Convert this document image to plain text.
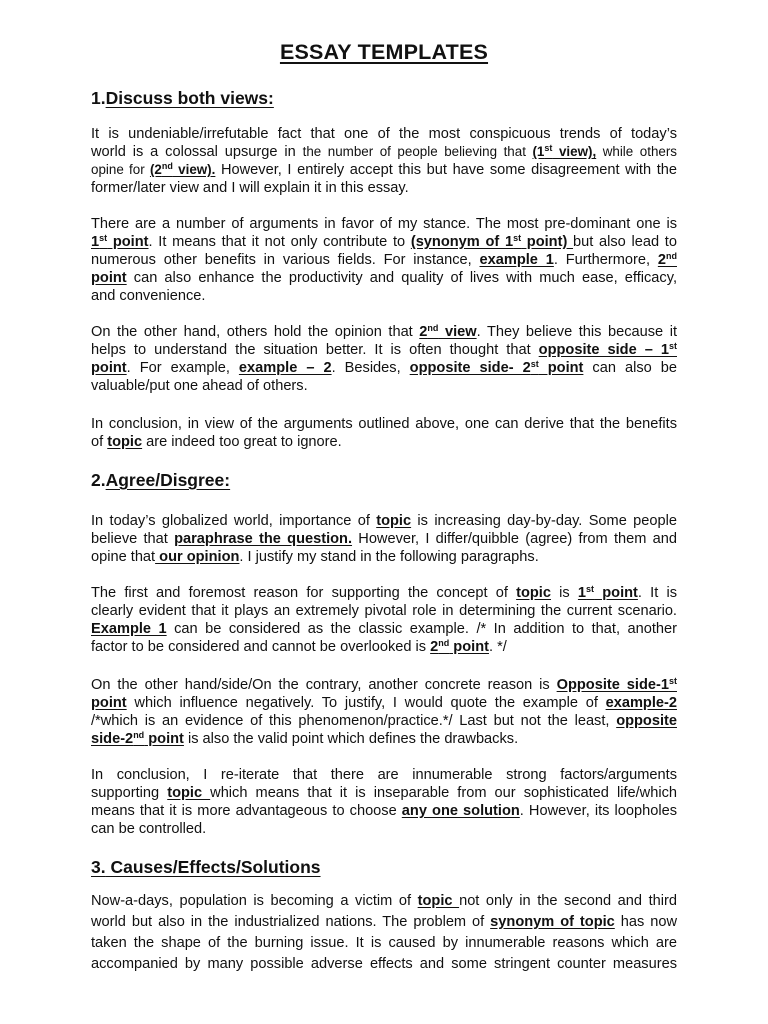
ESSAY TEMPLATES
1.Discuss both views:
It is undeniable/irrefutable fact that one of the most conspicuous trends of today’s
world is a colossal upsurge in the number of people believing that (1st view), while others
opine for (2nd view). However, I entirely accept this but have some disagreement with the
former/later view and I will explain it in this essay.
There are a number of arguments in favor of my stance. The most pre-dominant one is
1st point. It means that it not only contribute to (synonym of 1st point) but also lead to
numerous other benefits in various fields. For instance, example 1. Furthermore, 2nd
point can also enhance the productivity and quality of lives with much ease, efficacy,
and convenience.
On the other hand, others hold the opinion that 2nd view. They believe this because it
helps to understand the situation better. It is often thought that opposite side – 1st
point. For example, example – 2. Besides, opposite side- 2st point can also be
valuable/put one ahead of others.
In conclusion, in view of the arguments outlined above, one can derive that the benefits
of topic are indeed too great to ignore.
2.Agree/Disgree:
In today’s globalized world, importance of topic is increasing day-by-day. Some people
believe that paraphrase the question. However, I differ/quibble (agree) from them and
opine that our opinion. I justify my stand in the following paragraphs.
The first and foremost reason for supporting the concept of topic is 1st point. It is
clearly evident that it plays an extremely pivotal role in determining the current scenario.
Example 1 can be considered as the classic example. /* In addition to that, another
factor to be considered and cannot be overlooked is 2nd point. */
On the other hand/side/On the contrary, another concrete reason is Opposite side-1st
point which influence negatively. To justify, I would quote the example of example-2
/*which is an evidence of this phenomenon/practice.*/ Last but not the least, opposite
side-2nd point is also the valid point which defines the drawbacks.
In conclusion, I re-iterate that there are innumerable strong factors/arguments
supporting topic which means that it is inseparable from our sophisticated life/which
means that it is more advantageous to choose any one solution. However, its loopholes
can be controlled.
3. Causes/Effects/Solutions
Now-a-days, population is becoming a victim of topic not only in the second and third
world but also in the industrialized nations. The problem of synonym of topic has now
taken the shape of the burning issue. It is caused by innumerable reasons which are
accompanied by many possible adverse effects and some stringent counter measures
